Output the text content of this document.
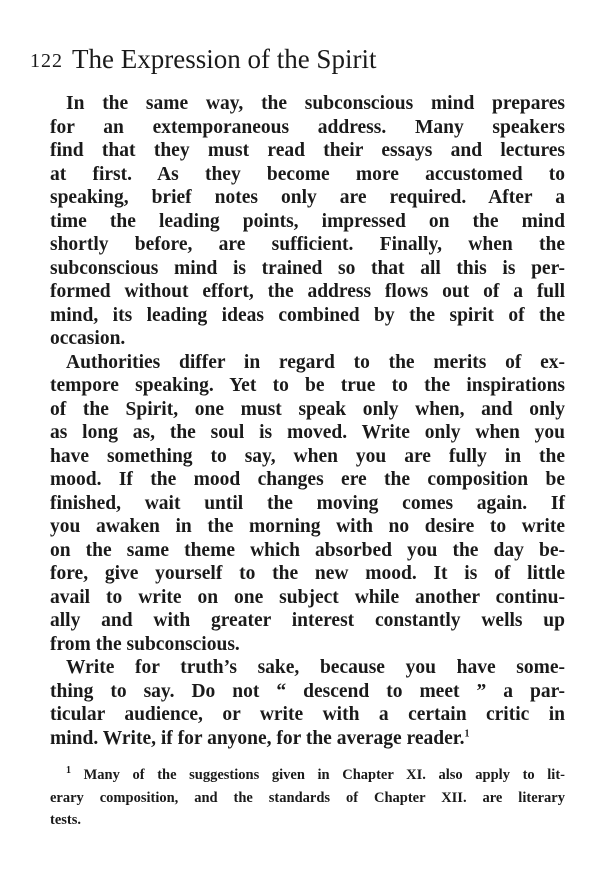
122 The Expression of the Spirit
In the same way, the subconscious mind prepares
for an extemporaneous address. Many speakers
find that they must read their essays and lectures
at first. As they become more accustomed to
speaking, brief notes only are required. After a
time the leading points, impressed on the mind
shortly before, are sufficient. Finally, when the
subconscious mind is trained so that all this is per-
formed without effort, the address flows out of a full
mind, its leading ideas combined by the spirit of the
occasion.
Authorities differ in regard to the merits of ex-
tempore speaking. Yet to be true to the inspirations
of the Spirit, one must speak only when, and only
as long as, the soul is moved. Write only when you
have something to say, when you are fully in the
mood. If the mood changes ere the composition be
finished, wait until the moving comes again. If
you awaken in the morning with no desire to write
on the same theme which absorbed you the day be-
fore, give yourself to the new mood. It is of little
avail to write on one subject while another continu-
ally and with greater interest constantly wells up
from the subconscious.
Write for truth’s sake, because you have some-
thing to say. Do not “ descend to meet ” a par-
ticular audience, or write with a certain critic in
mind. Write, if for anyone, for the average reader.$^1$
$^1$ Many of the suggestions given in Chapter XI. also apply to lit-
erary composition, and the standards of Chapter XII. are literary
tests.
